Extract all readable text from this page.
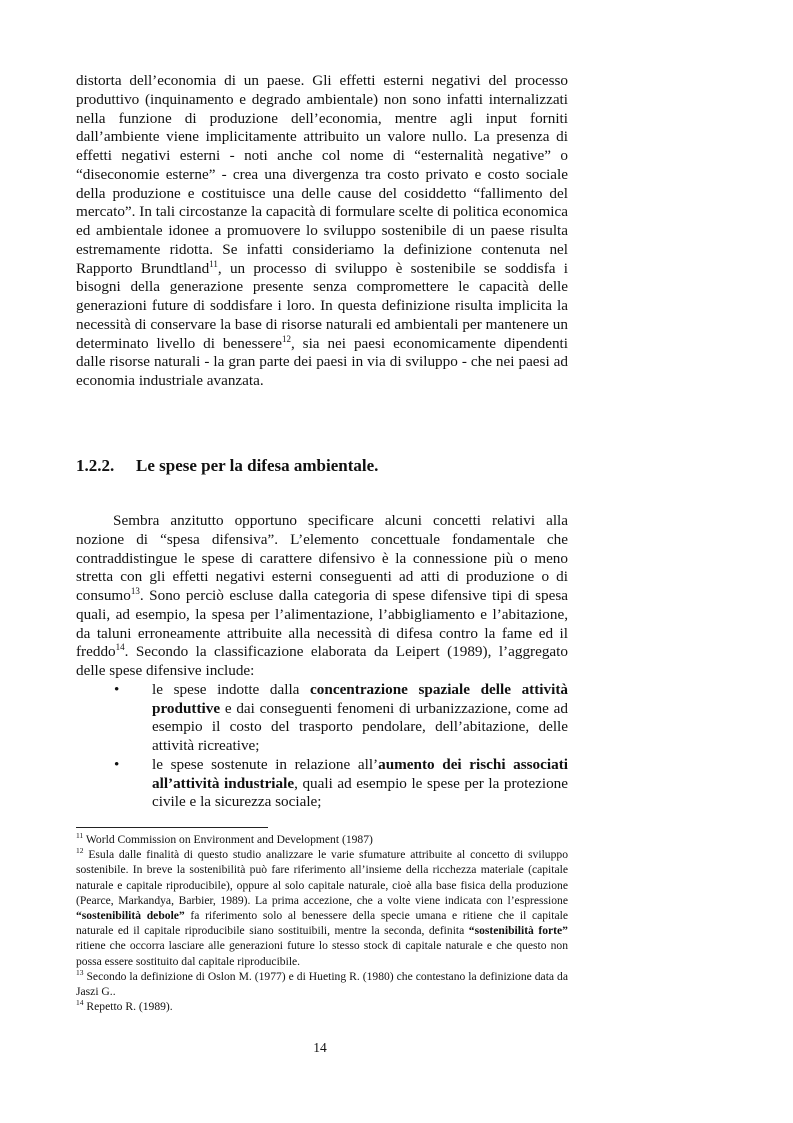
distorta dell’economia di un paese. Gli effetti esterni negativi del processo produttivo (inquinamento e degrado ambientale) non sono infatti internalizzati nella funzione di produzione dell’economia, mentre agli input forniti dall’ambiente viene implicitamente attribuito un valore nullo. La presenza di effetti negativi esterni - noti anche col nome di “esternalità negative” o “diseconomie esterne” - crea una divergenza tra costo privato e costo sociale della produzione e costituisce una delle cause del cosiddetto “fallimento del mercato”. In tali circostanze la capacità di formulare scelte di politica economica ed ambientale idonee a promuovere lo sviluppo sostenibile di un paese risulta estremamente ridotta. Se infatti consideriamo la definizione contenuta nel Rapporto Brundtland$^{11}$, un processo di sviluppo è sostenibile se soddisfa i bisogni della generazione presente senza compromettere le capacità delle generazioni future di soddisfare i loro. In questa definizione risulta implicita la necessità di conservare la base di risorse naturali ed ambientali per mantenere un determinato livello di benessere$^{12}$, sia nei paesi economicamente dipendenti dalle risorse naturali - la gran parte dei paesi in via di sviluppo - che nei paesi ad economia industriale avanzata.

1.2.2. Le spese per la difesa ambientale.

Sembra anzitutto opportuno specificare alcuni concetti relativi alla nozione di “spesa difensiva”. L’elemento concettuale fondamentale che contraddistingue le spese di carattere difensivo è la connessione più o meno stretta con gli effetti negativi esterni conseguenti ad atti di produzione o di consumo$^{13}$. Sono perciò escluse dalla categoria di spese difensive tipi di spesa quali, ad esempio, la spesa per l’alimentazione, l’abbigliamento e l’abitazione, da taluni erroneamente attribuite alla necessità di difesa contro la fame ed il freddo$^{14}$. Secondo la classificazione elaborata da Leipert (1989), l’aggregato delle spese difensive include:

• le spese indotte dalla concentrazione spaziale delle attività produttive e dai conseguenti fenomeni di urbanizzazione, come ad esempio il costo del trasporto pendolare, dell’abitazione, delle attività ricreative;
• le spese sostenute in relazione all’aumento dei rischi associati all’attività industriale, quali ad esempio le spese per la protezione civile e la sicurezza sociale;

$^{11}$ World Commission on Environment and Development (1987)

$^{12}$ Esula dalle finalità di questo studio analizzare le varie sfumature attribuite al concetto di sviluppo sostenibile. In breve la sostenibilità può fare riferimento all’insieme della ricchezza materiale (capitale naturale e capitale riproducibile), oppure al solo capitale naturale, cioè alla base fisica della produzione (Pearce, Markandya, Barbier, 1989). La prima accezione, che a volte viene indicata con l’espressione “sostenibilità debole” fa riferimento solo al benessere della specie umana e ritiene che il capitale naturale ed il capitale riproducibile siano sostituibili, mentre la seconda, definita “sostenibilità forte” ritiene che occorra lasciare alle generazioni future lo stesso stock di capitale naturale e che questo non possa essere sostituito dal capitale riproducibile.

$^{13}$ Secondo la definizione di Oslon M. (1977) e di Hueting R. (1980) che contestano la definizione data da Jaszi G..

$^{14}$ Repetto R. (1989).

14
